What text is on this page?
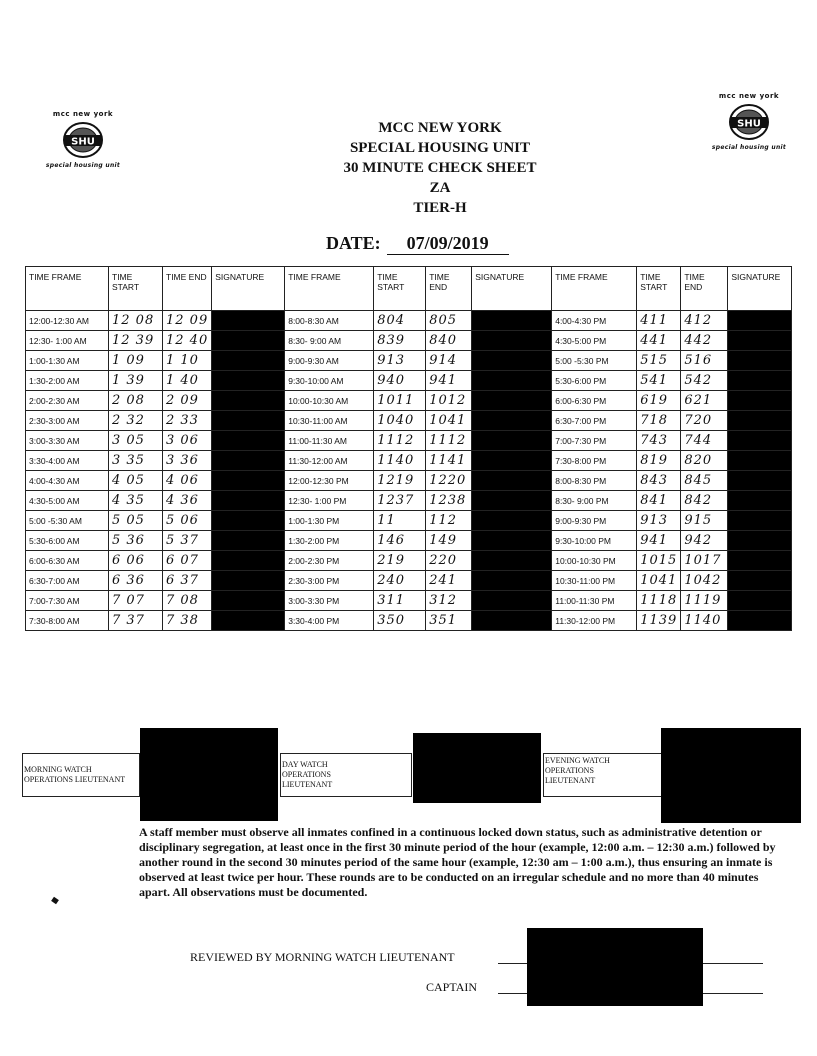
mcc new york
SHU
special housing unit
mcc new york
SHU
special housing unit
MCC NEW YORK
SPECIAL HOUSING UNIT
30 MINUTE CHECK SHEET
ZA
TIER-H
DATE: 07/09/2019
TIME FRAME	TIME START	TIME END	SIGNATURE	TIME FRAME	TIME START	TIME END	SIGNATURE	TIME FRAME	TIME START	TIME END	SIGNATURE
12:00-12:30 AM	12 08	12 09		8:00-8:30 AM	804	805		4:00-4:30 PM	411	412	
12:30- 1:00 AM	12 39	12 40		8:30- 9:00 AM	839	840		4:30-5:00 PM	441	442	
1:00-1:30 AM	1 09	1 10		9:00-9:30 AM	913	914		5:00 -5:30 PM	515	516	
1:30-2:00 AM	1 39	1 40		9:30-10:00 AM	940	941		5:30-6:00 PM	541	542	
2:00-2:30 AM	2 08	2 09		10:00-10:30 AM	1011	1012		6:00-6:30 PM	619	621	
2:30-3:00 AM	2 32	2 33		10:30-11:00 AM	1040	1041		6:30-7:00 PM	718	720	
3:00-3:30 AM	3 05	3 06		11:00-11:30 AM	1112	1112		7:00-7:30 PM	743	744	
3:30-4:00 AM	3 35	3 36		11:30-12:00 AM	1140	1141		7:30-8:00 PM	819	820	
4:00-4:30 AM	4 05	4 06		12:00-12:30 PM	1219	1220		8:00-8:30 PM	843	845	
4:30-5:00 AM	4 35	4 36		12:30- 1:00 PM	1237	1238		8:30- 9:00 PM	841	842	
5:00 -5:30 AM	5 05	5 06		1:00-1:30 PM	11	112		9:00-9:30 PM	913	915	
5:30-6:00 AM	5 36	5 37		1:30-2:00 PM	146	149		9:30-10:00 PM	941	942	
6:00-6:30 AM	6 06	6 07		2:00-2:30 PM	219	220		10:00-10:30 PM	1015	1017	
6:30-7:00 AM	6 36	6 37		2:30-3:00 PM	240	241		10:30-11:00 PM	1041	1042	
7:00-7:30 AM	7 07	7 08		3:00-3:30 PM	311	312		11:00-11:30 PM	1118	1119	
7:30-8:00 AM	7 37	7 38		3:30-4:00 PM	350	351		11:30-12:00 PM	1139	1140	
MORNING WATCH OPERATIONS LIEUTENANT
DAY WATCH OPERATIONS LIEUTENANT
EVENING WATCH OPERATIONS LIEUTENANT
A staff member must observe all inmates confined in a continuous locked down status, such as administrative detention or disciplinary segregation, at least once in the first 30 minute period of the hour (example, 12:00 a.m. – 12:30 a.m.) followed by another round in the second 30 minutes period of the same hour (example, 12:30 am – 1:00 a.m.), thus ensuring an inmate is observed at least twice per hour. These rounds are to be conducted on an irregular schedule and no more than 40 minutes apart. All observations must be documented.
REVIEWED BY MORNING WATCH LIEUTENANT
CAPTAIN
